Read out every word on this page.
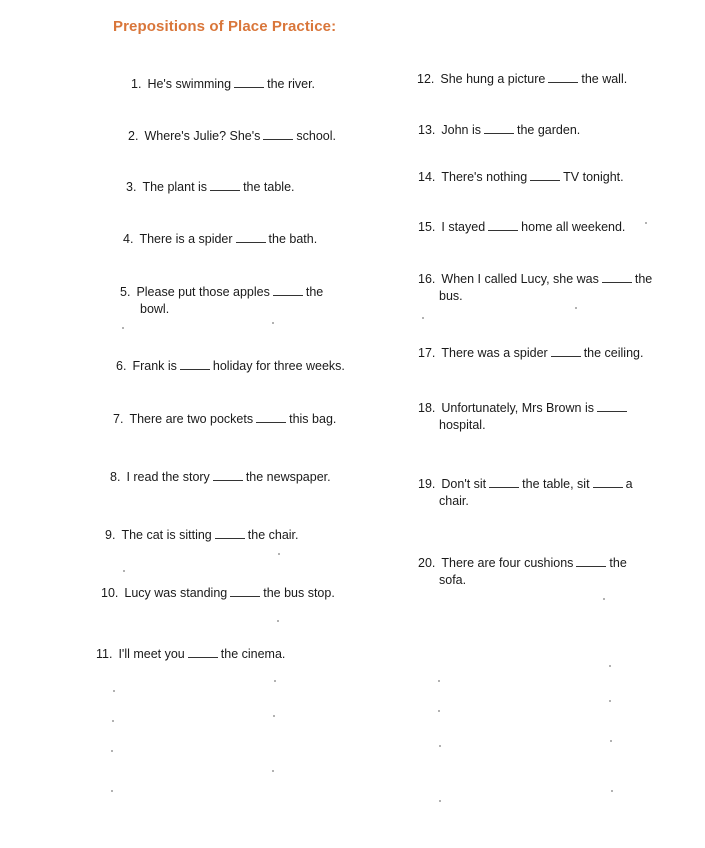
Prepositions of Place Practice:
1. He's swimming	the river.
2. Where's Julie? She's	school.
3. The plant is	the table.
4. There is a spider	the bath.
5. Please put those apples	the
bowl.
6. Frank is	holiday for three weeks.
7. There are two pockets	this bag.
8. I read the story	the newspaper.
9. The cat is sitting	the chair.
10. Lucy was standing	the bus stop.
11. I'll meet you	the cinema.
12. She hung a picture	the wall.
13. John is	the garden.
14. There's nothing	TV tonight.
15. I stayed	home all weekend.
16. When I called Lucy, she was	the
bus.
17. There was a spider	the ceiling.
18. Unfortunately, Mrs Brown is
hospital.
19. Don't sit	the table, sit	a
chair.
20. There are four cushions	the
sofa.
